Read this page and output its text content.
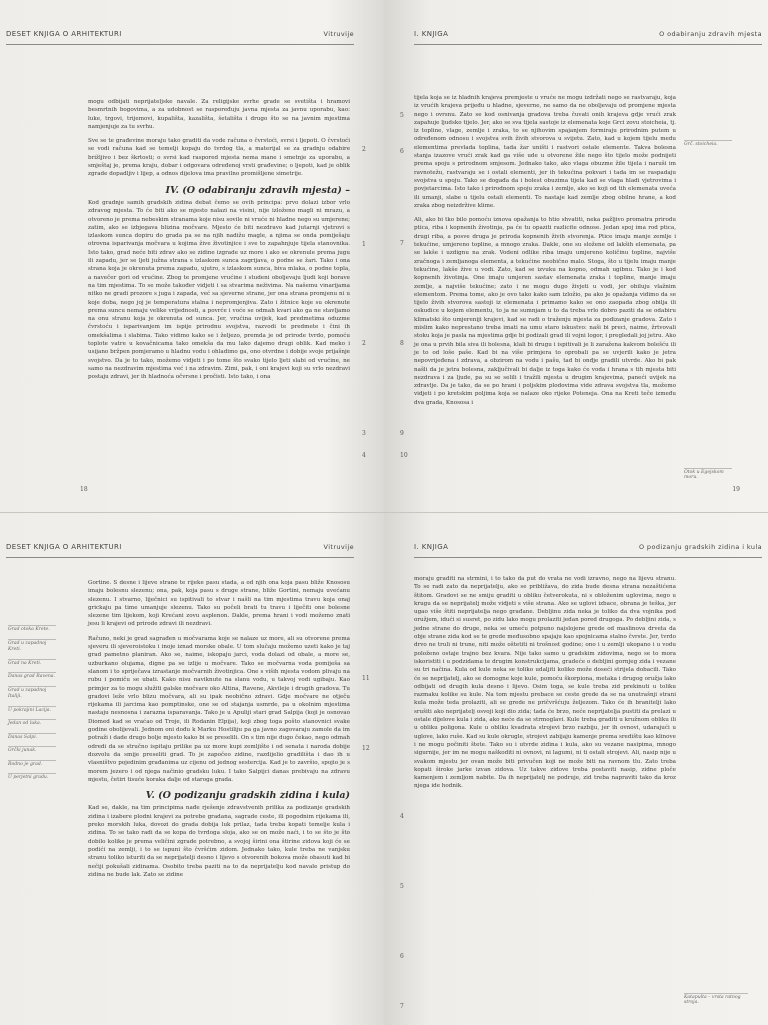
DESET KNJIGA O ARHITEKTURI	Vitruvije

mogu odbijati neprijateljske navale. Za religijske svrhe grade se svetišta i hramovi besmrtnih bogovima, a za udobnost se raspoređuju javna mjesta za javnu uporabu, kao: luke, trgovi, trijemovi, kupališta, kazališta, šetališta i drugo što se na javnim mjestima namjenjuje za tu svrhu.

Sve se te građevine moraju tako graditi da vode računa o čvrstoći, svrsi i ljepoti. O čvrstoći se vodi računa kad se temelji kopaju do tvrdog tla, a materijal se za gradnju odabire brižljivo i bez škrtosti; o svrsi kad raspored mjesta nema mane i smetnje za uporabu, a smještaj je, prema kraju, dobar i odgovara određenoj vrsti građevine; o ljepoti, kad je oblik zgrade dopadljiv i lijep, a odnos dijelova ima pravilno promišljene simetrije.

IV. (O odabiranju zdravih mjesta) –

Kod gradnje samih gradskih zidina debat čemo se ovih principa: prvo dolazi izbor vrlo zdravog mjesta. To će biti ako se mjesto nalazi na visini, nije izloženo magli ni mrazu, a otvoreno je prema nebeskim stranama koje nisu sovile ni vruće ni hladne nego su umjerene; zatim, ako se izbjegava blizina močvare. Mjesto će biti nezdravo kad jutarnji vjetrovi s izlaskom sunca dopiru do grada pa se na njih nadižu magle, a njima se onda pomiješaju otrovna isparivanja močvara u kojima žive životinjice i sve to zapahnjuje tijela stanovnika. Isto tako, grad neće biti zdrav ako se zidine izgrade uz more i ako se okrenule prema jugu ili zapadu, jer se ljeti južna strana s izlaskom sunca zagrijava, o podne se žari. Tako i ona strana koja je okrenuta prema zapadu, ujutro, s izlaskom sunca, biva mlaka, o podne topla, a navečer gori od vrućine. Zbog te promjene vrućine i studeni oboljevaju ljudi koji borave na tim mjestima. To se može također vidjeti i sa stvarima neživima. Na našemu vinarijama nitko ne gradi prozore s juga i zapada, već sa sjeverne strane, jer ona strana promjenu ni u koje doba, nego joj je temperatura stalna i nepromjenjiva. Zato i žitnice koje su okrenute prema suncu nemaju velike vrijednosti, a povrće i voće se odmah kvari ako ga ne stavljamo na onu stranu koja je okrenuta od sunca. Jer, vrućina uvijek, kad predmetima oduzme čvrstoću i isparivanjem im ispije prirodnu svojstva, razvodi te predmete i čini ih omekšalima i slabima. Tako vidimo kako se i željezo, premda je od prirode tvrdo, pomoću toplote vatre u kovačnicama tako omekša da mu lako dajemo drugi oblik. Kad meko i usijano bržpen pomjeramo u hladnu vodu i ohladimo ga, ono otvrdne i dobije svoje prijašnje svojstvo. Da je to tako, možemo vidjeti i po tome što svako tijelo ljeti slabi od vrućine, ne samo na nezdravim mjestima već i na zdravim. Zimi, pak, i oni krajevi koji su vrlo nezdravi postaju zdravi, jer ih hladnoća očvrsne i pročisti. Isto tako, i ona

2
1
2
3
4
18
I. KNJIGA	O odabiranju zdravih mjesta

tijela koja se iz hladnih krajeva premjeste u vruće ne mogu izdržati nego se rastvaraju, koja iz vrućih krajeva prijeđu u hladne, sjeverne, ne samo da ne oboljevaju od promjene mjesta nego i ovrsnu. Zato se kod osnivanja gradova treba čuvati onih krajeva gdje vrući zrak zapahuje ljudsko tijelo. Jer, ako se sva tijela sastoje iz elemenata koje Grci zovu stoicheia, tj. iz topline, vlage, zemlje i zraka, to se njihovim spajanjem formiraju prirodnim putem u određenom odnosu i svojstva svih živih stvorova u svijetu. Zato, kad u kojem tijelu medu elementima prevlada toplina, tada žar uništi i rastvori ostale elemente. Takva bolesna stanja izazove vrući zrak kad ga više ude u otvorene žile nego što tijelo može podnijeti prema spoju s prirodnom smjesom. Jednako tako, ako vlaga obuzme žile tijela i naruši im ravnotežu, rastvaraju se i ostali elementi, jer ih tekućina pokvari i tada im se raspadaju svojstva u spoju. Tako se događa da i bolest obuzima tijela kad se vlaga hladi vjetrovima i povjetarcima. Isto tako i prirodnom spoju zraka i zemlje, ako se koji od tih elemenata uveća ili umanji, slabe u tijelu ostali elementi. To nastaje kad zemlje zbog obilne hrane, a kod zraka zbog neizdržive klime.

Ali, ako bi tko bilo pomoću iznova opažanja to htio shvatiti, neka pažljivo promatra prirodu ptica, riba i kopnenih životinja, pa će tu opaziti razlicite odnose. Jedan spoj ima rod ptica, drugi riba, a posve druga je priroda kopnenih živih stvorenja. Ptice imaju manje zemlje i tekućine, umjereno topline, a mnogo zraka. Dakle, one su složene od lakših elemenata, pa se lakše i uzdignu na zrak. Vodeni odlike riba imaju umjereno količinu topline, najviše zračnoga i zemljanoga elementa, a tekućine neobično malo. Stoga, što u tijelu imaju manje tekućine, lakše žive u vodi. Zato, kad se izvuku na kopno, odmah ugibnu. Tako je i kod kopnenih životinja. One imaju umjeren sastav elemenata zraka i topline, manje imaju zemlje, a najviše tekućine; zato i ne mogu dugo živjeti u vodi, jer obiluju vlažnim elementom. Prema tome, ako je ovo tako kako sam izložio, pa ako je opažanja vidimo da se tijelo živih stvorova sastoji iz elemenata i primamo kako se ono zaopada zbog obilja ili oskudice u kojem elementu, to ja ne sumnjam u to da treba vrlo dobro paziti da se odabiru klimatski što umjereniji krajevi, kad se radi o traženju mjesta za podizanje gradova. Zato i mislim kako neprestano treba imati na umu staro iskustvo: naši bi preci, naime, žrtvovali stoku koja je pasla na mjestima gdje bi podizali grad ili vojni logor, i pregledali joj jetru. Ako je ona u prvih bila siva ili bolesna, klali bi drugu i ispitivali je li zaražena kakvom bolešću ili je to od loše paše. Kad bi na više primjera to oprobali pa se uvjerili kako je jetra nepovrijeđena i zdrava, a obzirom na vodu i pašu, tad bi onđje gradili utvrde. Ako bi pak našli da je jetra bolesna, zaključivali bi dalje iz toga kako će voda i hrana s tih mjesta biti nezdrava i za ljude, pa su se selili i tražili mjesta u drugim krajevima, paneći uvijek na zdravlje. Da je tako, da se po hrani i poljskim plodovima vide zdrava svojstva tla, možemo vidjeti i po kretskim poljima koja se nalaze oko rijeke Poteneja. Ona na Kreti teče između dva grada, Knososa i

5
6
7
8
9
10
Grč. stoicheia.
Otok u Egejskom moru.
19
DESET KNJIGA O ARHITEKTURI	Vitruvije
Grad otoka Krete.
Grad u zapadnoj Kreti.
Grad na Kreti.
Danas grad Ravena.
Grad u zapadnoj Italiji.
U pokrajini Lacija.
Jedan od luka.
Danas Salpi.
Grčki junak.
Rodno je grad.
U perjetni gradu.

Gortine. S desne i lijeve strane te rijeke pasu stada, a od njih ona koja pasu bliže Knososu imaju bolesnu slezenu; ona, pak, koja pasu s druge strane, bliže Gortini, nemaju uvećanu slezenu. I stvarno, liječnici su ispitivali to stvar i našli na tim mjestima travu koja onaj grickaju pa time umanjuje slezenu. Tako su počeli brati tu travu i liječiti one bolesne slezene tim lijekom, koji Krećani zovu asplenon. Dakle, prema hrani i vodi možemo znati jesu li krajevi od prirode zdravi ili nezdravi.

Računo, neki je grad sagrađen u močvarama koje se nalaze uz more, ali su otvorene prema sjeveru ili sjeveroistoku i inoje iznad morske obale. U tom slučaju možemo uzeti kako je taj grad pametno planiran. Ako se, naime, iskopaju jarci, voda dolazi od obale, a more se, uzburkano olujama, digne pa se izlije u močvare. Tako se močvarna voda pomiješa sa slanom i to spriječava izrastanje močvarnih životinjica. One s viših mjesta vodom plivaju na rubu i pomiču se ubati. Kako nisu naviknute na slanu vodu, u takvoj vodi ugibaju. Kao primjer za to mogu služiti galske močvare oko Altina, Ravene, Akvileje i drugih gradova. Tu gradovi leže vrlo blizu močvara, ali su ipak neobično zdravi. Gdje močvare ne otječu rijekama ili jarcima kao pomptinske, one se od stajanja usmrde, pa u okolnim mjestima nastaju nesnosna i zarazna isparavanja. Tako je u Apuliji stari grad Salpija (koji je osnovao Diomed kad se vraćao od Troje, ili Rodanin Elpija), koji zbog toga pošto stanovnici svake godine obolijevali. Jednom oni dođu k Marku Hostiliju pa ga javno zagovaraju zamole da im potraži i dade drugo bolje mjesto kako bi se preselili. On s tim nije dugo čekao, nego odmah odredi da se stručno ispitaju prilike pa uz more kupi zemljište i od senata i naroda dobije dozvolu da smije preseliti grad. To je započeo zidine, razdijelio gradilišta i dao ih u vlasništvo pojedinim građanima uz cijenu od jednog sestercija. Kad je to završio, spojio je s morem jezero i od njega načinio gradsku luku. I tako Salpijci danas prebivaju na zdravu mjestu, četiri tisuće koraka dalje od staroga grada.

V. (O podizanju gradskih zidina i kula)

Kad se, dakle, na tim principima nađe rješenje zdravstvenih prilika za podizanje gradskih zidina i izabere plodni krajevi za potrebe gradana, sagrade ceste, ili pogodnim rijekama ili, preko morskih luka, dovozi do grada dobija luk prilaz, tada treba kopati temelje kula i zidina. To se tako radi da se kopa do tvrdoga sloja, ako se on može naći, i to se što je što dobilo kolike je prema veličini zgrade potrebno, a svojoj širini ona štirine zidova koji će se podići na zemlji, i to se ispuni što čvršćim zidom. Jednako tako, kule treba ne vanjsku stranu toliko isturiti da se neprijatelji desno i lijevo s otvorenih bokova može obasuti kad bi nečiji pokušali zidinama. Osobito treba paziti na to da neprijatelju kod navale pristup do zidina ne bude lak. Zato se zidine

11
12
I. KNJIGA	O podizanju gradskih zidina i kula

moraju graditi na strmini, i to tako da put do vrata ne vodi izravno, nego na lijevu stranu. To se radi zato da neprijatelju, ako se približava, do zida bude desna strana nezaštićena štitom. Gradovi se ne smiju graditi u obliku četverokuta, ni s obloženim uglovima, nego u krugu da se neprijatelj može vidjeti s više strana. Ako se uglovi izbace, obrana je teška, jer ugao više štiti neprijatelja nego građane. Debljinu zida neka je toliko da dva vojnika pod oružjem, idući si susret, po zidu lako mogu prolaziti jedan pored drugoga. Po debljini zida, s jedne strane do druge, neka se umeću potpuno najslojene grede od maslinova drveta da obje strane zida kod se te grede međusobno spajaju kao spojnicama stalno čvrste. Jer, tvrdo drvo ne truli ni trune, niti može oštetiti ni trošnost godine; ono i u zemlji ukopano i u vodu položeno ostaje trajno bez kvara. Nije tako samo u gradskim zidovima, nego se to mora iskoristiti i u podzidama te drugim konstrukcijama, gradeće o debljini gornjeg zida i vezane su tri načina. Kula od kule neka se toliko udaljiti koliko može doseći strijela dobacili. Tako će se neprijatelj, ako se domogne koje kule, pomoću škorpiona, metaka i drugog oružja lako odbijati od drugih kula desno i lijevo. Osim toga, se kule treba zid prekinuti u toliku razmaku kolike su kule. Na tom mjestu prebace se ceste grede da se na unutrašnji strani kula može teda prolaziti, ali se grede ne pričvršćuju željezom. Tako će ih branitelji lako srušiti ako neprijatelj osvoji koji dio zida; tada će brzo, neće neprijatelja pustiti da prelazi u ostale dijelove kula i zida, ako neće da se strmoglavi. Kule treba graditi u kružnom obliku ili u obliku poligona. Kule u obliku kvadrata strojevi brzo razbiju, jer ih ovnovi, udarajući u uglove, lako ruše. Kad su kule okrugle, strojevi zabijaju kamenje prema središtu kao klinove i ne mogu počiniti štete. Tako su i utvrde zidina i kula, ako su vezane nasipima, mnogo sigurnije, jer im ne mogu naškoditi ni ovnovi, ni lagumi, ni ti ostali strojevi. Ali, nasip nije u svakom mjestu jer ovan može biti privučen koji ne može biti na ravnom tlu. Zato treba kopati široke jarke izvan zidova. Uz takve zidove treba postaviti nasip, zidne ploče kamenjem i zemljom nabite. Da ih neprijatelj ne podruje, zid treba napraviti tako da kroz njega ide hodnik.

4
5
6
7
Katapulta – vrsta ratnog stroja.
